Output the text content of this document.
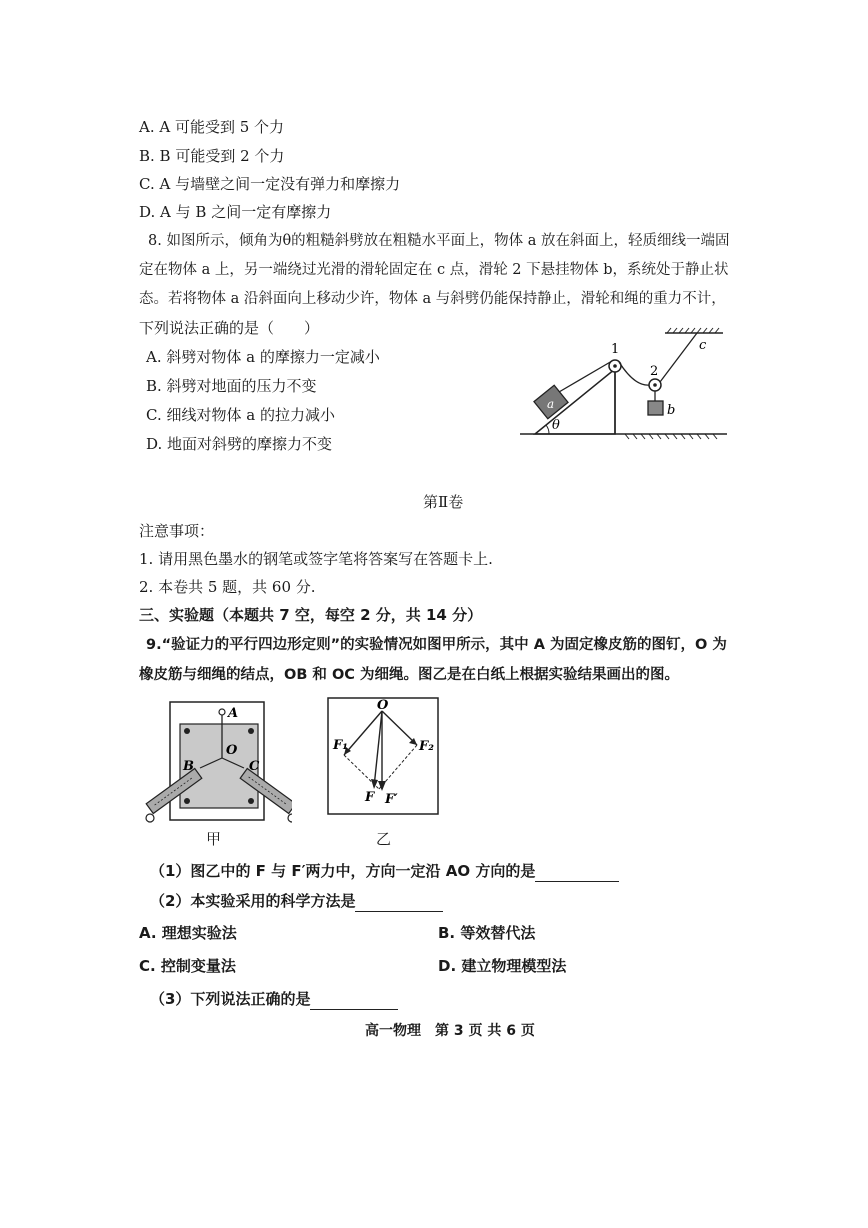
A. A 可能受到 5 个力
B. B 可能受到 2 个力
C. A 与墙壁之间一定没有弹力和摩擦力
D. A 与 B 之间一定有摩擦力
8. 如图所示，倾角为θ的粗糙斜劈放在粗糙水平面上，物体 a 放在斜面上，轻质细线一端固
定在物体 a 上，另一端绕过光滑的滑轮固定在 c 点，滑轮 2 下悬挂物体 b，系统处于静止状
态。若将物体 a 沿斜面向上移动少许，物体 a 与斜劈仍能保持静止，滑轮和绳的重力不计，
下列说法正确的是（　　）
A. 斜劈对物体 a 的摩擦力一定减小
B. 斜劈对地面的压力不变
C. 细线对物体 a 的拉力减小
D. 地面对斜劈的摩擦力不变
1
2
c
a	b
θ
第Ⅱ卷
注意事项：
1. 请用黑色墨水的钢笔或签字笔将答案写在答题卡上.
2. 本卷共 5 题，共 60 分.
三、实验题（本题共 7 空，每空 2 分，共 14 分）
9.“验证力的平行四边形定则”的实验情况如图甲所示，其中 A 为固定橡皮筋的图钉，O 为
橡皮筋与细绳的结点，OB 和 OC 为细绳。图乙是在白纸上根据实验结果画出的图。
A
O
B	C
甲
O
F₁	F₂
F F′
乙
（1）图乙中的 F 与 F′两力中，方向一定沿 AO 方向的是
（2）本实验采用的科学方法是
A. 理想实验法	B. 等效替代法
C. 控制变量法	D. 建立物理模型法
（3）下列说法正确的是
高一物理　第 3 页 共 6 页
